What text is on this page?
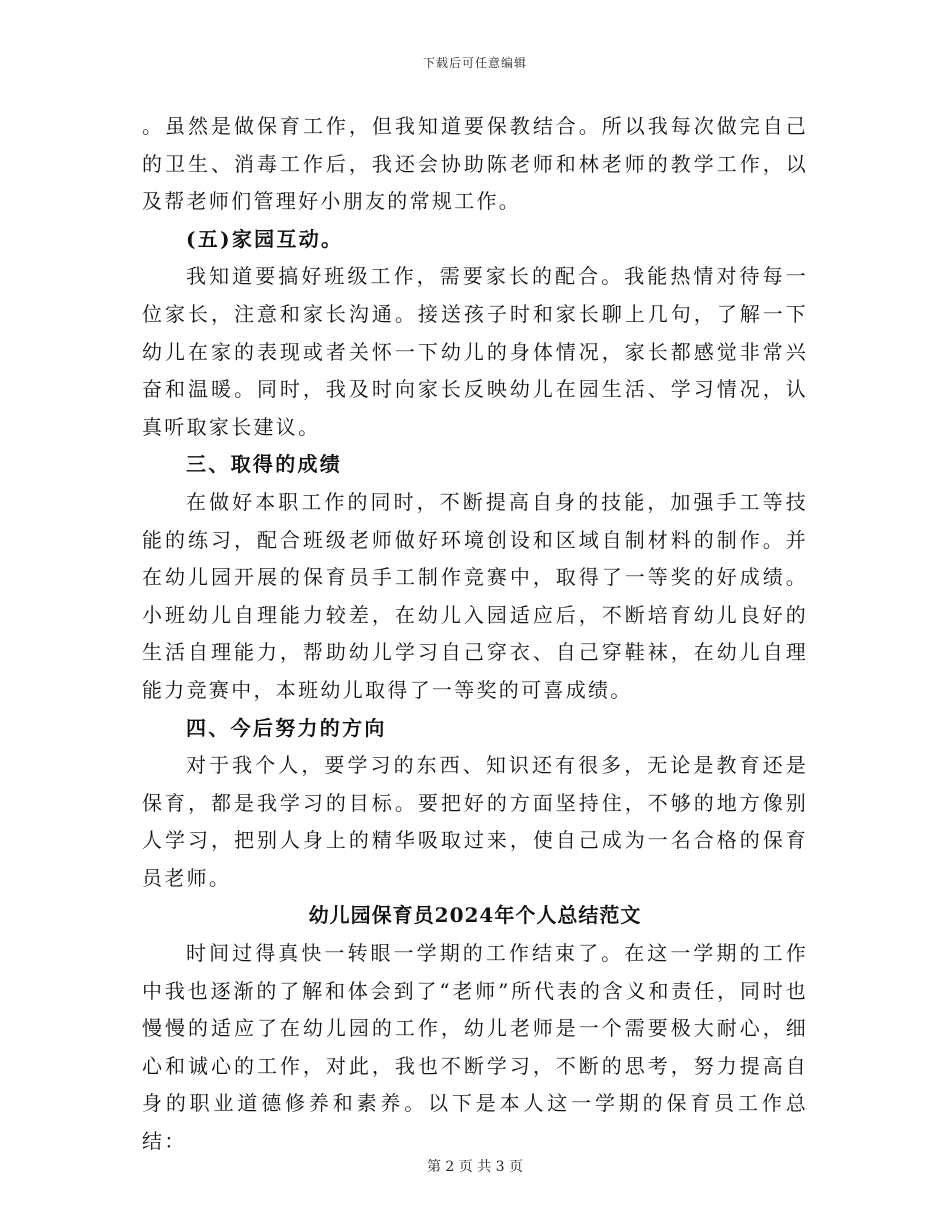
下载后可任意编辑

。虽然是做保育工作，但我知道要保教结合。所以我每次做完自己的卫生、消毒工作后，我还会协助陈老师和林老师的教学工作，以及帮老师们管理好小朋友的常规工作。

(五)家园互动。

我知道要搞好班级工作，需要家长的配合。我能热情对待每一位家长，注意和家长沟通。接送孩子时和家长聊上几句，了解一下幼儿在家的表现或者关怀一下幼儿的身体情况，家长都感觉非常兴奋和温暖。同时，我及时向家长反映幼儿在园生活、学习情况，认真听取家长建议。

三、取得的成绩

在做好本职工作的同时，不断提高自身的技能，加强手工等技能的练习，配合班级老师做好环境创设和区域自制材料的制作。并在幼儿园开展的保育员手工制作竞赛中，取得了一等奖的好成绩。小班幼儿自理能力较差，在幼儿入园适应后，不断培育幼儿良好的生活自理能力，帮助幼儿学习自己穿衣、自己穿鞋袜，在幼儿自理能力竞赛中，本班幼儿取得了一等奖的可喜成绩。

四、今后努力的方向

对于我个人，要学习的东西、知识还有很多，无论是教育还是保育，都是我学习的目标。要把好的方面坚持住，不够的地方像别人学习，把别人身上的精华吸取过来，使自己成为一名合格的保育员老师。

幼儿园保育员2024年个人总结范文

时间过得真快一转眼一学期的工作结束了。在这一学期的工作中我也逐渐的了解和体会到了“老师”所代表的含义和责任，同时也慢慢的适应了在幼儿园的工作，幼儿老师是一个需要极大耐心，细心和诚心的工作，对此，我也不断学习，不断的思考，努力提高自身的职业道德修养和素养。以下是本人这一学期的保育员工作总结：

第 2 页 共 3 页
